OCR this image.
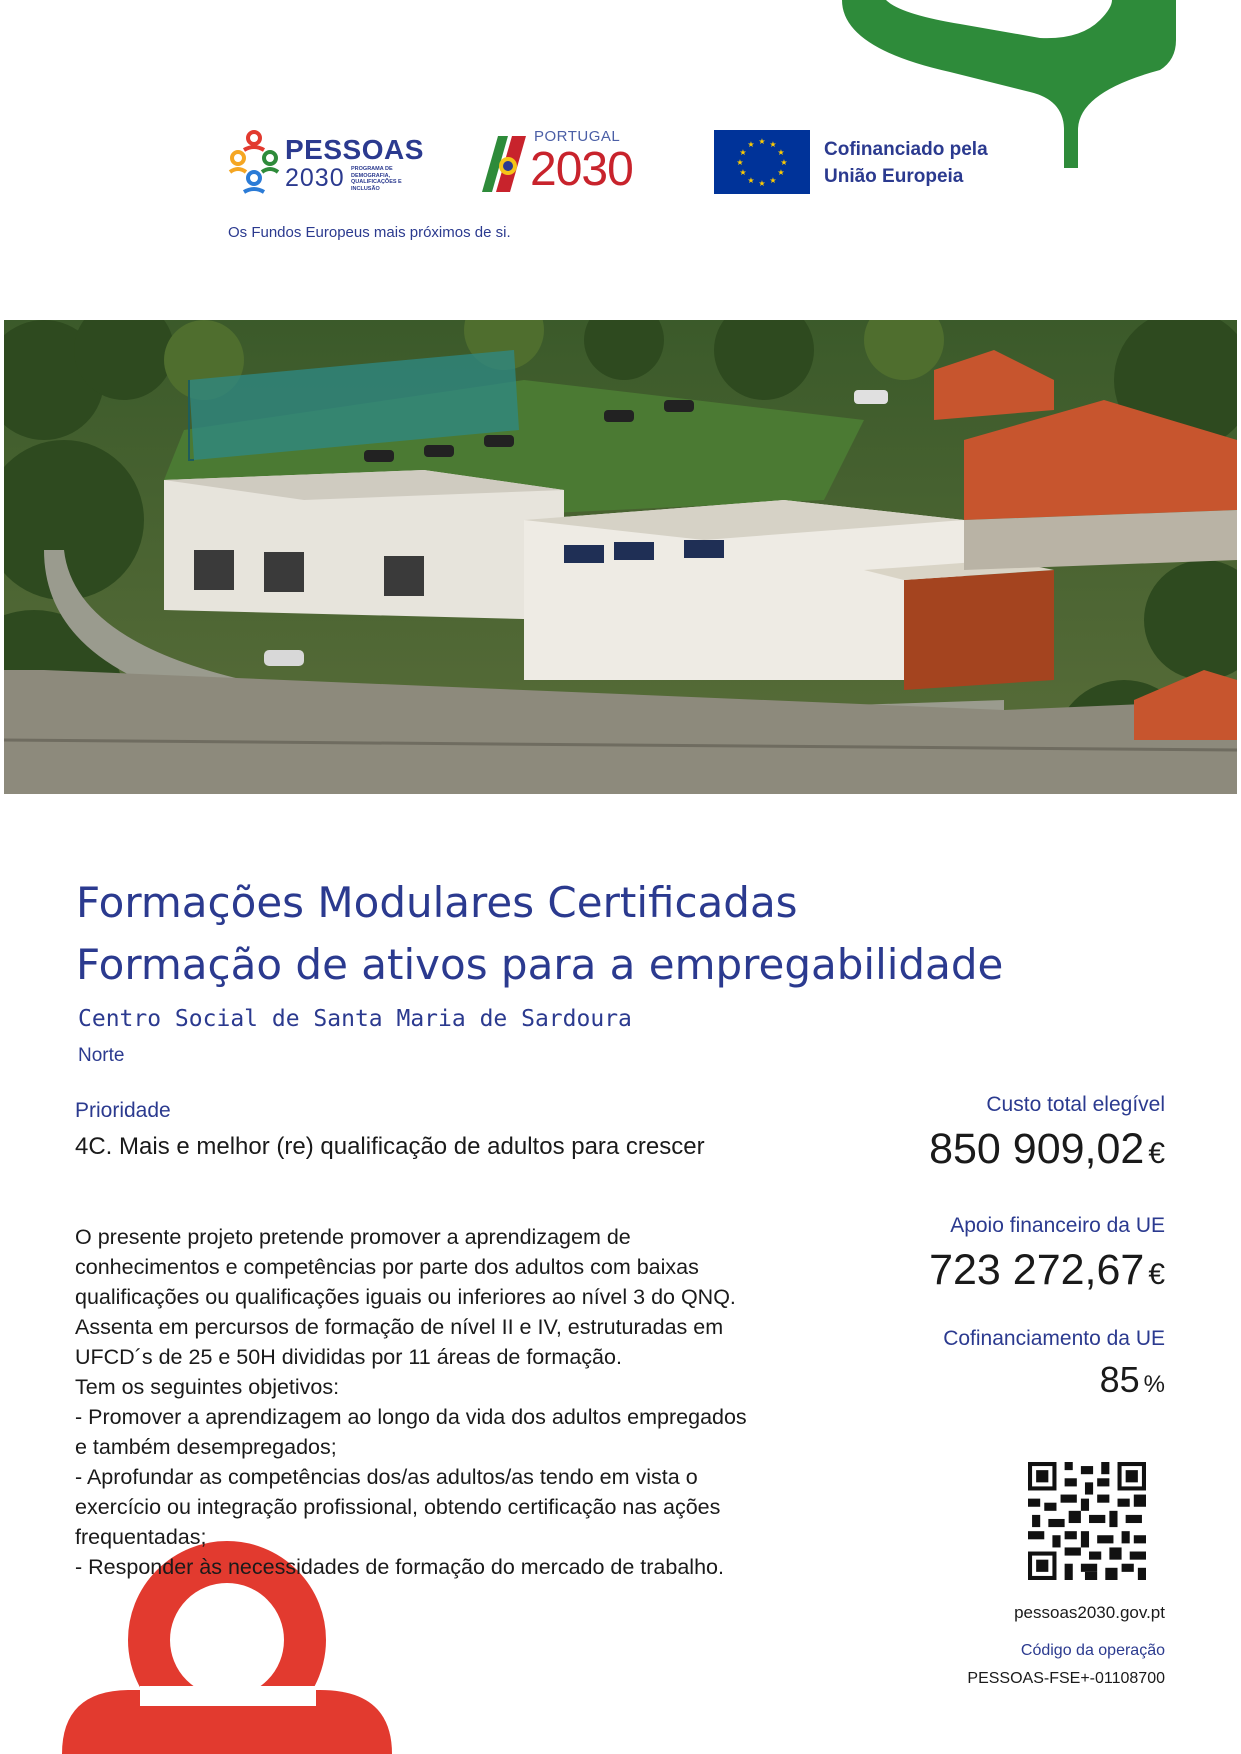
PESSOAS
2030 PROGRAMA DE DEMOGRAFIA, QUALIFICAÇÕES E INCLUSÃO
Os Fundos Europeus mais próximos de si.
PORTUGAL
2030
★ ★
★
★
★
★
★
★
★
★
★
★	Cofinanciado pela
União Europeia
Formações Modulares Certificadas
Formação de ativos para a empregabilidade
Centro Social de Santa Maria de Sardoura
Norte
Prioridade
4C. Mais e melhor (re) qualificação de adultos para crescer
O presente projeto pretende promover a aprendizagem de
conhecimentos e competências por parte dos adultos com baixas
qualificações ou qualificações iguais ou inferiores ao nível 3 do QNQ.
Assenta em percursos de formação de nível II e IV, estruturadas em
UFCD´s de 25 e 50H divididas por 11 áreas de formação.
Tem os seguintes objetivos:
- Promover a aprendizagem ao longo da vida dos adultos empregados
e também desempregados;
- Aprofundar as competências dos/as adultos/as tendo em vista o
exercício ou integração profissional, obtendo certificação nas ações
frequentadas;
- Responder às necessidades de formação do mercado de trabalho.
Custo total elegível
850 909,02 €
Apoio financeiro da UE
723 272,67 €
Cofinanciamento da UE
85 %
pessoas2030.gov.pt
Código da operação
PESSOAS-FSE+-01108700
